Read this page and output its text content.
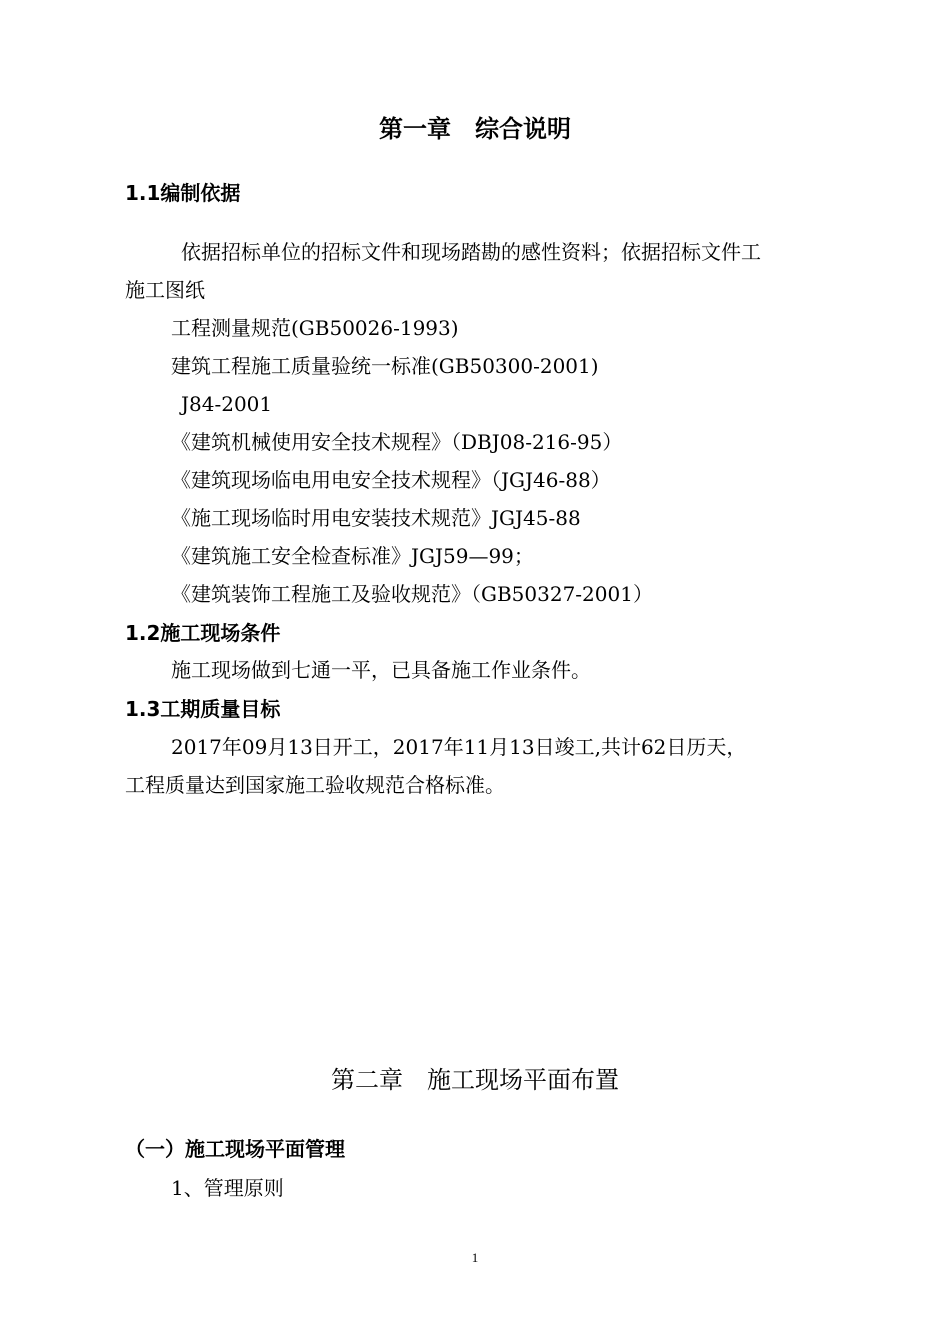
第一章 综合说明
1.1编制依据
依据招标单位的招标文件和现场踏勘的感性资料；依据招标文件工
施工图纸
工程测量规范(GB50026-1993)
建筑工程施工质量验统一标准(GB50300-2001)
J84-2001
《建筑机械使用安全技术规程》（DBJ08-216-95）
《建筑现场临电用电安全技术规程》（JGJ46-88）
《施工现场临时用电安装技术规范》JGJ45-88
《建筑施工安全检查标准》JGJ59—99；
《建筑装饰工程施工及验收规范》（GB50327-2001）
1.2施工现场条件
施工现场做到七通一平，已具备施工作业条件。
1.3工期质量目标
2017年09月13日开工，2017年11月13日竣工,共计62日历天，
工程质量达到国家施工验收规范合格标准。
第二章 施工现场平面布置
（一）施工现场平面管理
1、管理原则
1
